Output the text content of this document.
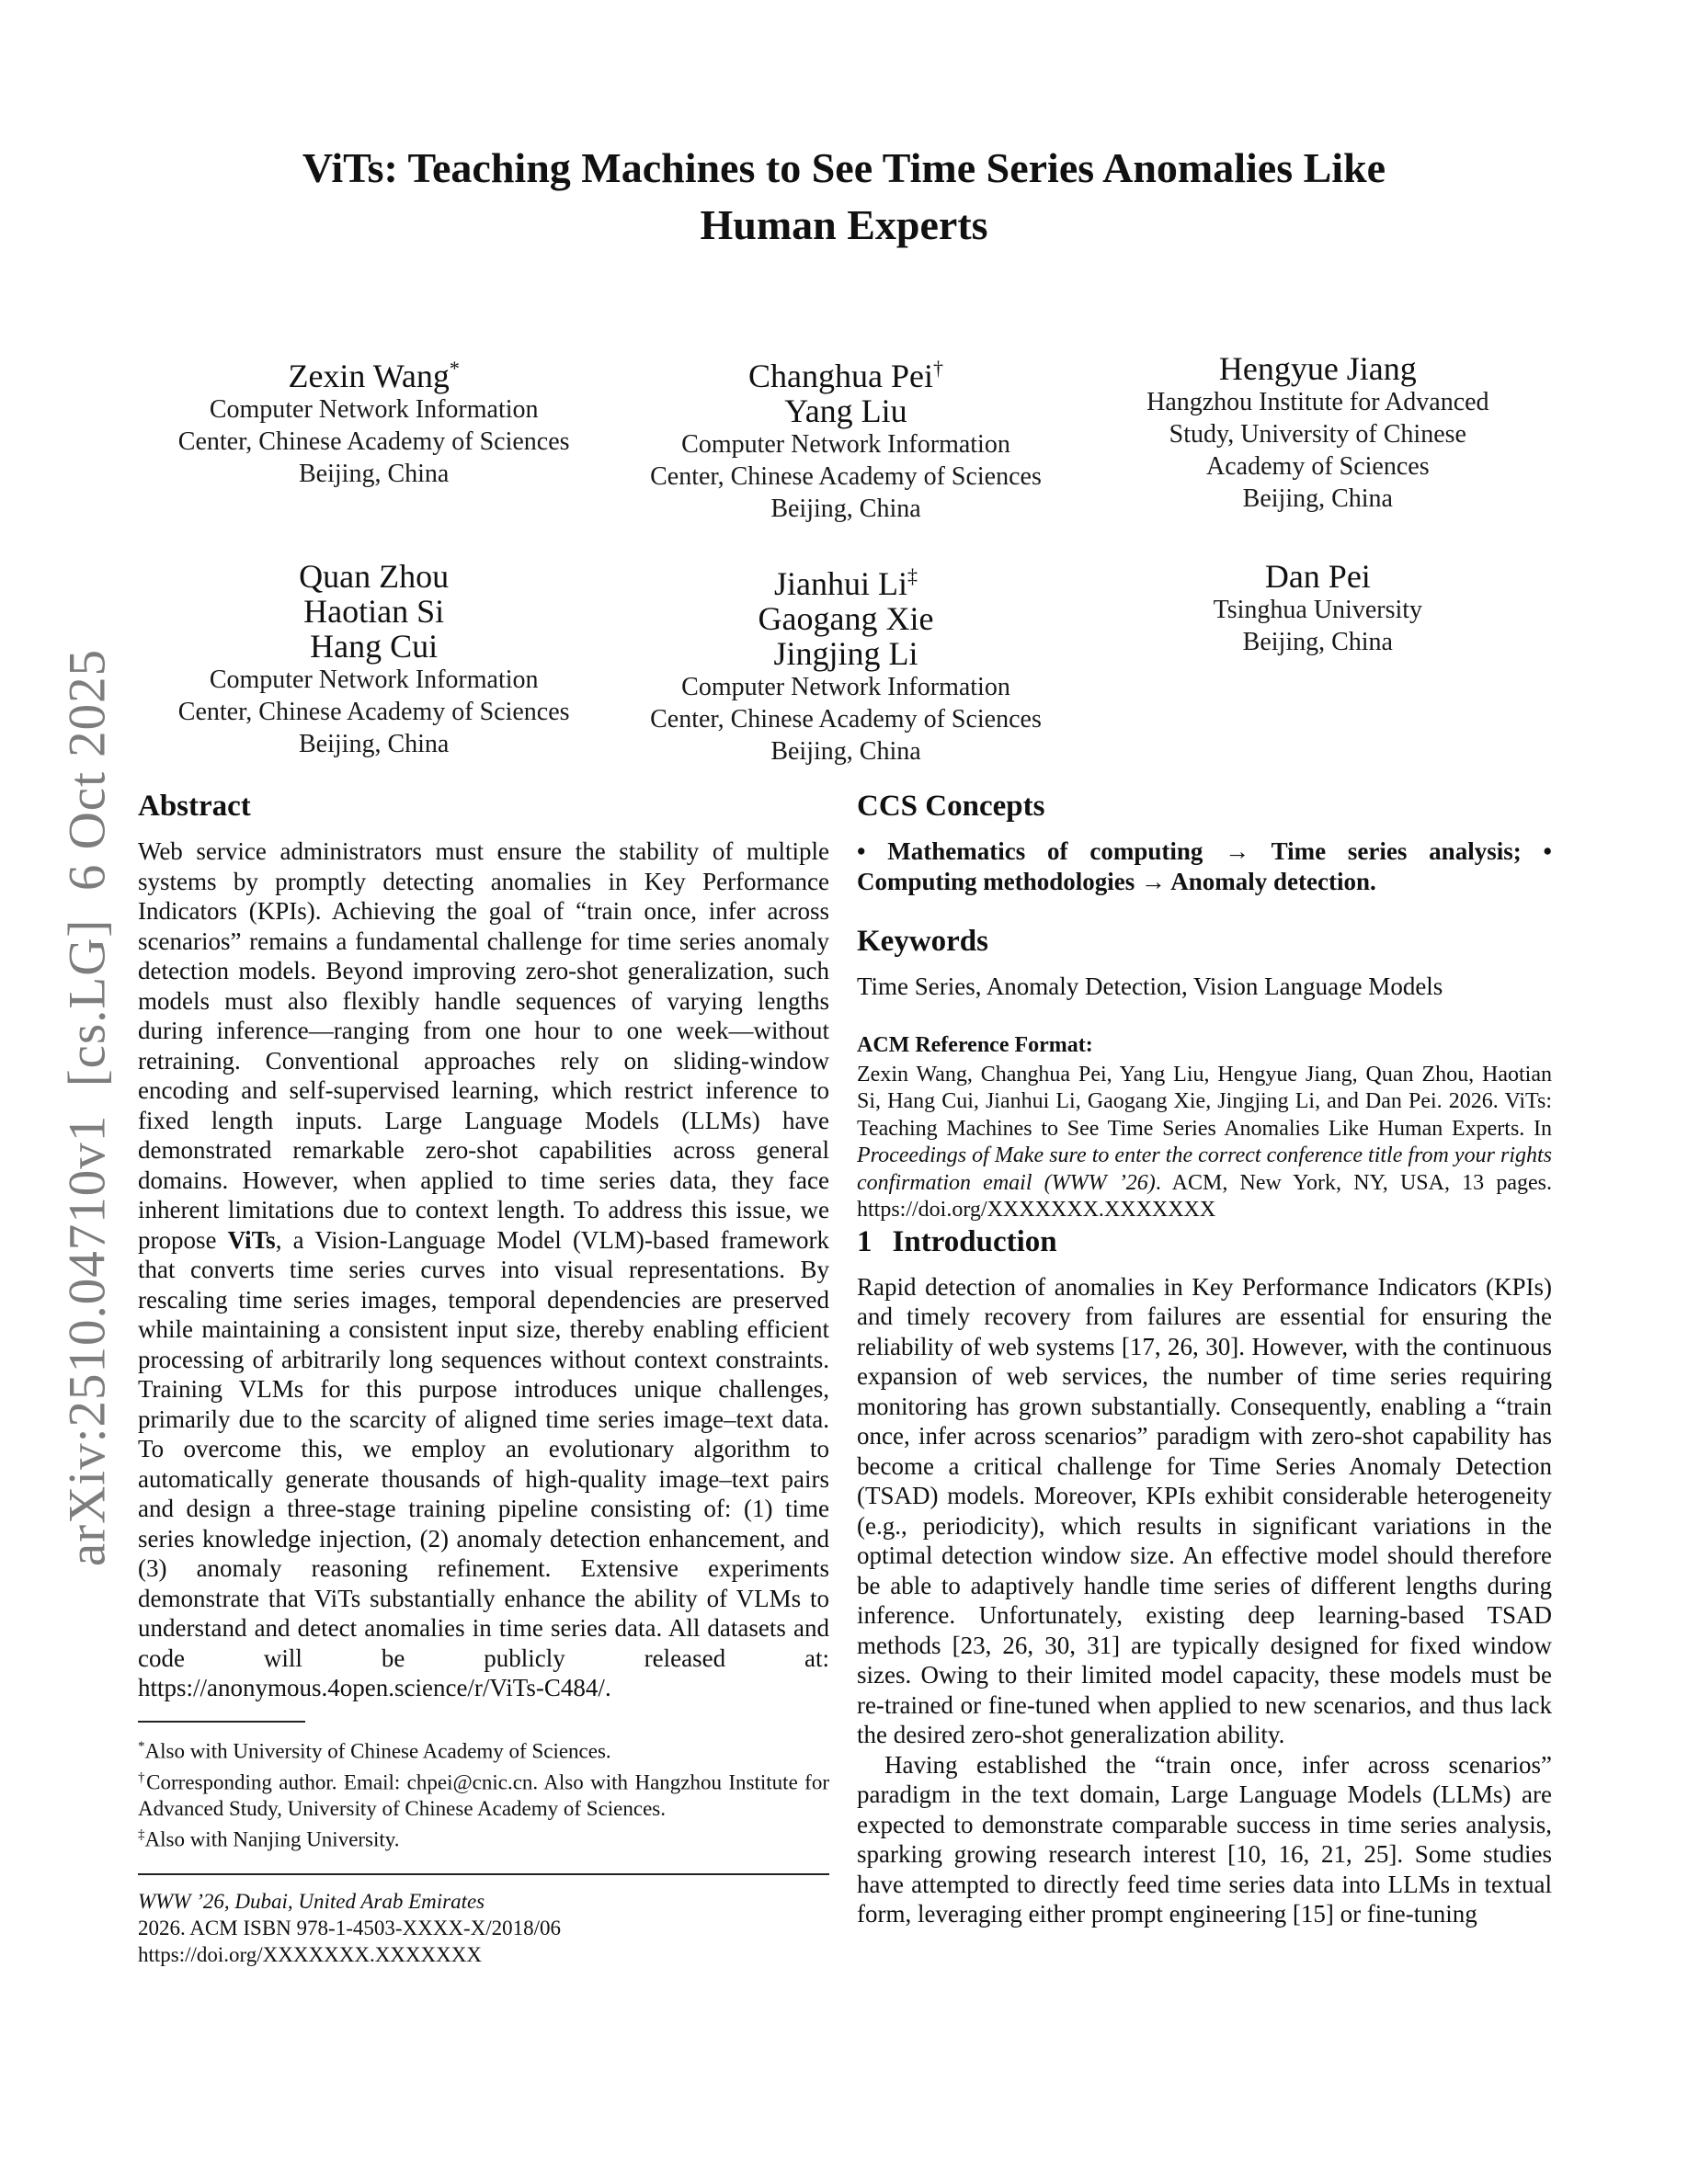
arXiv:2510.04710v1  [cs.LG]  6 Oct 2025
ViTs: Teaching Machines to See Time Series Anomalies Like
Human Experts
Zexin Wang*
Computer Network Information
Center, Chinese Academy of Sciences
Beijing, China
Changhua Pei†
Yang Liu
Computer Network Information
Center, Chinese Academy of Sciences
Beijing, China
Hengyue Jiang
Hangzhou Institute for Advanced
Study, University of Chinese
Academy of Sciences
Beijing, China
Quan Zhou
Haotian Si
Hang Cui
Computer Network Information
Center, Chinese Academy of Sciences
Beijing, China
Jianhui Li‡
Gaogang Xie
Jingjing Li
Computer Network Information
Center, Chinese Academy of Sciences
Beijing, China
Dan Pei
Tsinghua University
Beijing, China
Abstract

Web service administrators must ensure the stability of multiple systems by promptly detecting anomalies in Key Performance Indicators (KPIs). Achieving the goal of “train once, infer across scenarios” remains a fundamental challenge for time series anomaly detection models. Beyond improving zero-shot generalization, such models must also flexibly handle sequences of varying lengths during inference—ranging from one hour to one week—without retraining. Conventional approaches rely on sliding-window encoding and self-supervised learning, which restrict inference to fixed length inputs. Large Language Models (LLMs) have demonstrated remarkable zero-shot capabilities across general domains. However, when applied to time series data, they face inherent limitations due to context length. To address this issue, we propose ViTs, a Vision-Language Model (VLM)-based framework that converts time series curves into visual representations. By rescaling time series images, temporal dependencies are preserved while maintaining a consistent input size, thereby enabling efficient processing of arbitrarily long sequences without context constraints. Training VLMs for this purpose introduces unique challenges, primarily due to the scarcity of aligned time series image–text data. To overcome this, we employ an evolutionary algorithm to automatically generate thousands of high-quality image–text pairs and design a three-stage training pipeline consisting of: (1) time series knowledge injection, (2) anomaly detection enhancement, and (3) anomaly reasoning refinement. Extensive experiments demonstrate that ViTs substantially enhance the ability of VLMs to understand and detect anomalies in time series data. All datasets and code will be publicly released at: https://anonymous.4open.science/r/ViTs-C484/.

*Also with University of Chinese Academy of Sciences.
†Corresponding author. Email: chpei@cnic.cn. Also with Hangzhou Institute for Advanced Study, University of Chinese Academy of Sciences.
‡Also with Nanjing University.
WWW ’26, Dubai, United Arab Emirates
2026. ACM ISBN 978-1-4503-XXXX-X/2018/06
https://doi.org/XXXXXXX.XXXXXXX
CCS Concepts

• Mathematics of computing → Time series analysis; • Computing methodologies → Anomaly detection.

Keywords

Time Series, Anomaly Detection, Vision Language Models

ACM Reference Format:

Zexin Wang, Changhua Pei, Yang Liu, Hengyue Jiang, Quan Zhou, Haotian Si, Hang Cui, Jianhui Li, Gaogang Xie, Jingjing Li, and Dan Pei. 2026. ViTs: Teaching Machines to See Time Series Anomalies Like Human Experts. In Proceedings of Make sure to enter the correct conference title from your rights confirmation email (WWW ’26). ACM, New York, NY, USA, 13 pages. https://doi.org/XXXXXXX.XXXXXXX

1 Introduction

Rapid detection of anomalies in Key Performance Indicators (KPIs) and timely recovery from failures are essential for ensuring the reliability of web systems [17, 26, 30]. However, with the continuous expansion of web services, the number of time series requiring monitoring has grown substantially. Consequently, enabling a “train once, infer across scenarios” paradigm with zero-shot capability has become a critical challenge for Time Series Anomaly Detection (TSAD) models. Moreover, KPIs exhibit considerable heterogeneity (e.g., periodicity), which results in significant variations in the optimal detection window size. An effective model should therefore be able to adaptively handle time series of different lengths during inference. Unfortunately, existing deep learning-based TSAD methods [23, 26, 30, 31] are typically designed for fixed window sizes. Owing to their limited model capacity, these models must be re-trained or fine-tuned when applied to new scenarios, and thus lack the desired zero-shot generalization ability.

Having established the “train once, infer across scenarios” paradigm in the text domain, Large Language Models (LLMs) are expected to demonstrate comparable success in time series analysis, sparking growing research interest [10, 16, 21, 25]. Some studies have attempted to directly feed time series data into LLMs in textual form, leveraging either prompt engineering [15] or fine-tuning
